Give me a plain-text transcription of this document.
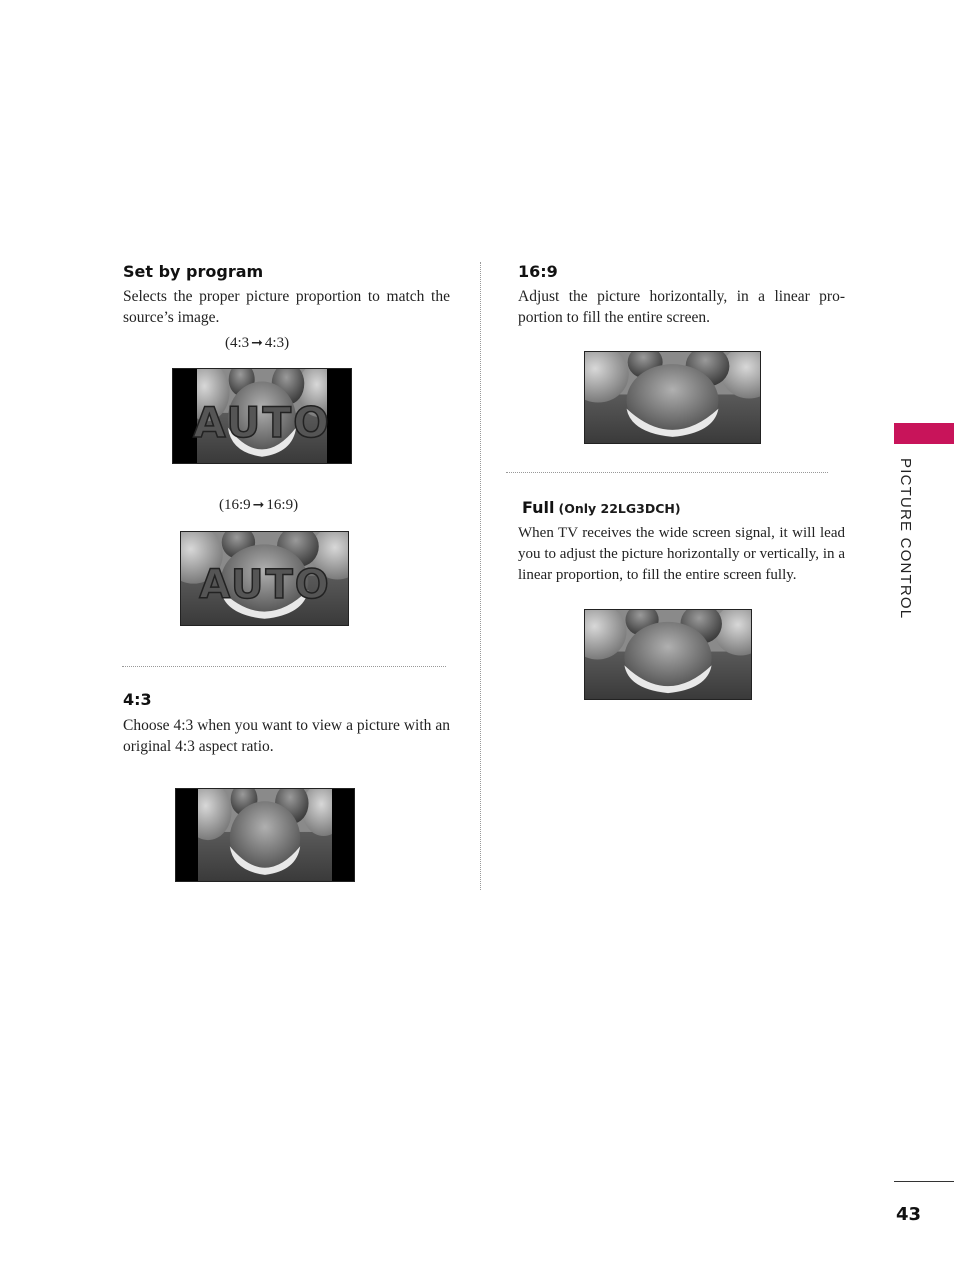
Set by program

Selects the proper picture proportion to match the source’s image.

(4:3 ➞ 4:3)
AUTO
(16:9 ➞ 16:9)
AUTO
4:3

Choose 4:3 when you want to view a picture with an original 4:3 aspect ratio.

16:9

Adjust the picture horizontally, in a linear pro- portion to fill the entire screen.

Full (Only 22LG3DCH)

When TV receives the wide screen signal, it will lead you to adjust the picture horizontally or vertically, in a linear proportion, to fill the entire screen fully.	PICTURE CONTROL
43
